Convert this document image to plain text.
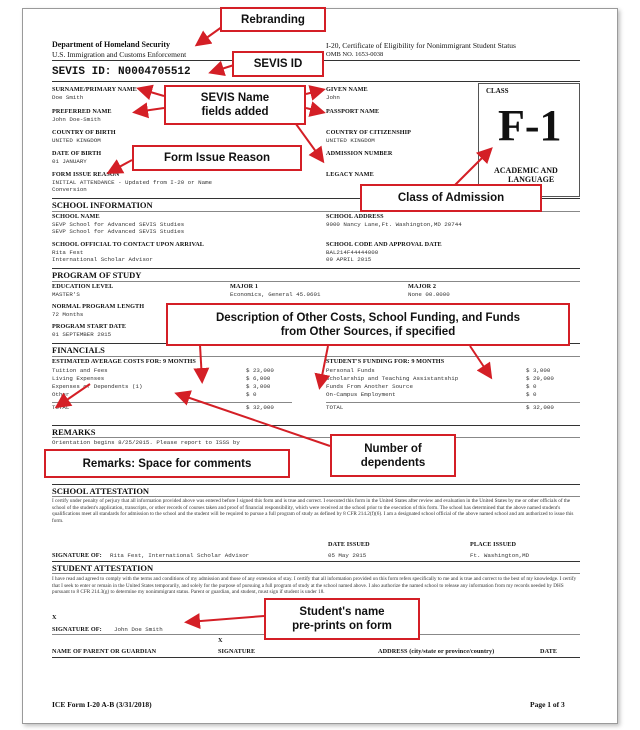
Department of Homeland Security
U.S. Immigration and Customs Enforcement
I-20, Certificate of Eligibility for Nonimmigrant Student Status
OMB NO. 1653-0038
SEVIS ID: N0004705512
CLASS
F-1
ACADEMIC AND
LANGUAGE
SURNAME/PRIMARY NAME
Doe Smith
GIVEN NAME
John
PREFERRED NAME
John Doe-Smith
PASSPORT NAME
COUNTRY OF BIRTH
UNITED KINGDOM
COUNTRY OF CITIZENSHIP
UNITED KINGDOM
DATE OF BIRTH
01 JANUARY
ADMISSION NUMBER
FORM ISSUE REASON
INITIAL ATTENDANCE - Updated from I-20 or Name
Conversion
LEGACY NAME
SCHOOL INFORMATION
SCHOOL NAME
SEVP School for Advanced SEVIS Studies
SEVP School for Advanced SEVIS Studies
SCHOOL ADDRESS
9000 Nancy Lane,Ft. Washington,MD 20744
SCHOOL OFFICIAL TO CONTACT UPON ARRIVAL
Rita Fest
International Scholar Advisor
SCHOOL CODE AND APPROVAL DATE
BAL214F44444000
09 APRIL 2015
PROGRAM OF STUDY
EDUCATION LEVEL
MASTER'S
MAJOR 1
Economics, General 45.0601
MAJOR 2
None 00.0000
NORMAL PROGRAM LENGTH
72 Months
PROGRAM START DATE
01 SEPTEMBER 2015
FINANCIALS
ESTIMATED AVERAGE COSTS FOR: 9 MONTHS	STUDENT'S FUNDING FOR: 9 MONTHS
Tuition and Fees	$ 23,000
Living Expenses	$ 6,000
Expenses of Dependents (1)	$ 3,000
Other	$ 0
TOTAL	$ 32,000
Personal Funds	$ 3,000
Scholarship and Teaching Assistantship	$ 29,000
Funds From Another Source	$ 0
On-Campus Employment	$ 0
TOTAL	$ 32,000
REMARKS
Orientation begins 8/25/2015. Please report to ISSS by
SCHOOL ATTESTATION
I certify under penalty of perjury that all information provided above was entered before I signed this form and is true and correct. I executed this form in the United States after review and evaluation in the United States by me or other officials of the school of the student's application, transcripts, or other records of courses taken and proof of financial responsibility, which were received at the school prior to the execution of this form. The school has determined that the above named student's qualifications meet all standards for admission to the school and the student will be required to pursue a full program of study as defined by 8 CFR 214.2(f)(6). I am a designated school official of the above named school and am authorized to issue this form.
DATE ISSUED	PLACE ISSUED
SIGNATURE OF: Rita Fest, International Scholar Advisor	05 May 2015	Ft. Washington,MD
STUDENT ATTESTATION
I have read and agreed to comply with the terms and conditions of my admission and those of any extension of stay. I certify that all information provided on this form refers specifically to me and is true and correct to the best of my knowledge. I certify that I seek to enter or remain in the United States temporarily, and solely for the purpose of pursuing a full program of study at the school named above. I also authorize the named school to release any information from my records needed by DHS pursuant to 8 CFR 214.3(g) to determine my nonimmigrant status. Parent or guardian, and student, must sign if student is under 18.
X
SIGNATURE OF: John Doe Smith
X
NAME OF PARENT OR GUARDIAN	SIGNATURE	ADDRESS (city/state or province/country)	DATE
ICE Form I-20 A-B (3/31/2018)	Page 1 of 3
Rebranding
SEVIS ID
SEVIS Name
fields added
Form Issue Reason
Class of Admission
Description of Other Costs, School Funding, and Funds
from Other Sources, if specified
Number of
dependents
Remarks: Space for comments
Student's name
pre-prints on form
